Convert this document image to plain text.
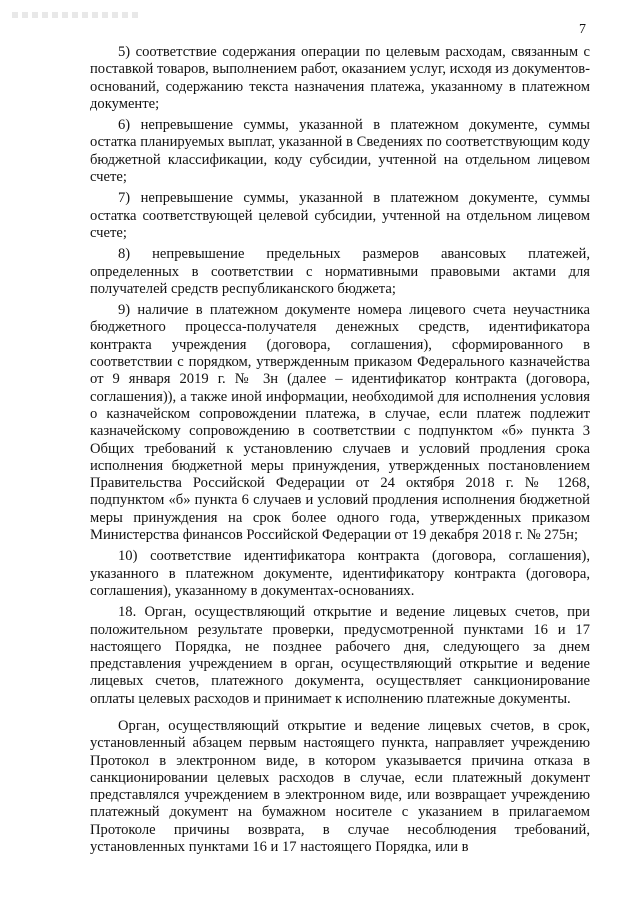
7

5) соответствие содержания операции по целевым расходам, связанным с поставкой товаров, выполнением работ, оказанием услуг, исходя из документов-оснований, содержанию текста назначения платежа, указанному в платежном документе;

6) непревышение суммы, указанной в платежном документе, суммы остатка планируемых выплат, указанной в Сведениях по соответствующим коду бюджетной классификации, коду субсидии, учтенной на отдельном лицевом счете;

7) непревышение суммы, указанной в платежном документе, суммы остатка соответствующей целевой субсидии, учтенной на отдельном лицевом счете;

8) непревышение предельных размеров авансовых платежей, определенных в соответствии с нормативными правовыми актами для получателей средств республиканского бюджета;

9) наличие в платежном документе номера лицевого счета неучастника бюджетного процесса-получателя денежных средств, идентификатора контракта учреждения (договора, соглашения), сформированного в соответствии с порядком, утвержденным приказом Федерального казначейства от 9 января 2019 г. № 3н (далее – идентификатор контракта (договора, соглашения)), а также иной информации, необходимой для исполнения условия о казначейском сопровождении платежа, в случае, если платеж подлежит казначейскому сопровождению в соответствии с подпунктом «б» пункта 3 Общих требований к установлению случаев и условий продления срока исполнения бюджетной меры принуждения, утвержденных постановлением Правительства Российской Федерации от 24 октября 2018 г. № 1268, подпунктом «б» пункта 6 случаев и условий продления исполнения бюджетной меры принуждения на срок более одного года, утвержденных приказом Министерства финансов Российской Федерации от 19 декабря 2018 г. № 275н;

10) соответствие идентификатора контракта (договора, соглашения), указанного в платежном документе, идентификатору контракта (договора, соглашения), указанному в документах-основаниях.

18. Орган, осуществляющий открытие и ведение лицевых счетов, при положительном результате проверки, предусмотренной пунктами 16 и 17 настоящего Порядка, не позднее рабочего дня, следующего за днем представления учреждением в орган, осуществляющий открытие и ведение лицевых счетов, платежного документа, осуществляет санкционирование оплаты целевых расходов и принимает к исполнению платежные документы.

Орган, осуществляющий открытие и ведение лицевых счетов, в срок, установленный абзацем первым настоящего пункта, направляет учреждению Протокол в электронном виде, в котором указывается причина отказа в санкционировании целевых расходов в случае, если платежный документ представлялся учреждением в электронном виде, или возвращает учреждению платежный документ на бумажном носителе с указанием в прилагаемом Протоколе причины возврата, в случае несоблюдения требований, установленных пунктами 16 и 17 настоящего Порядка, или в
